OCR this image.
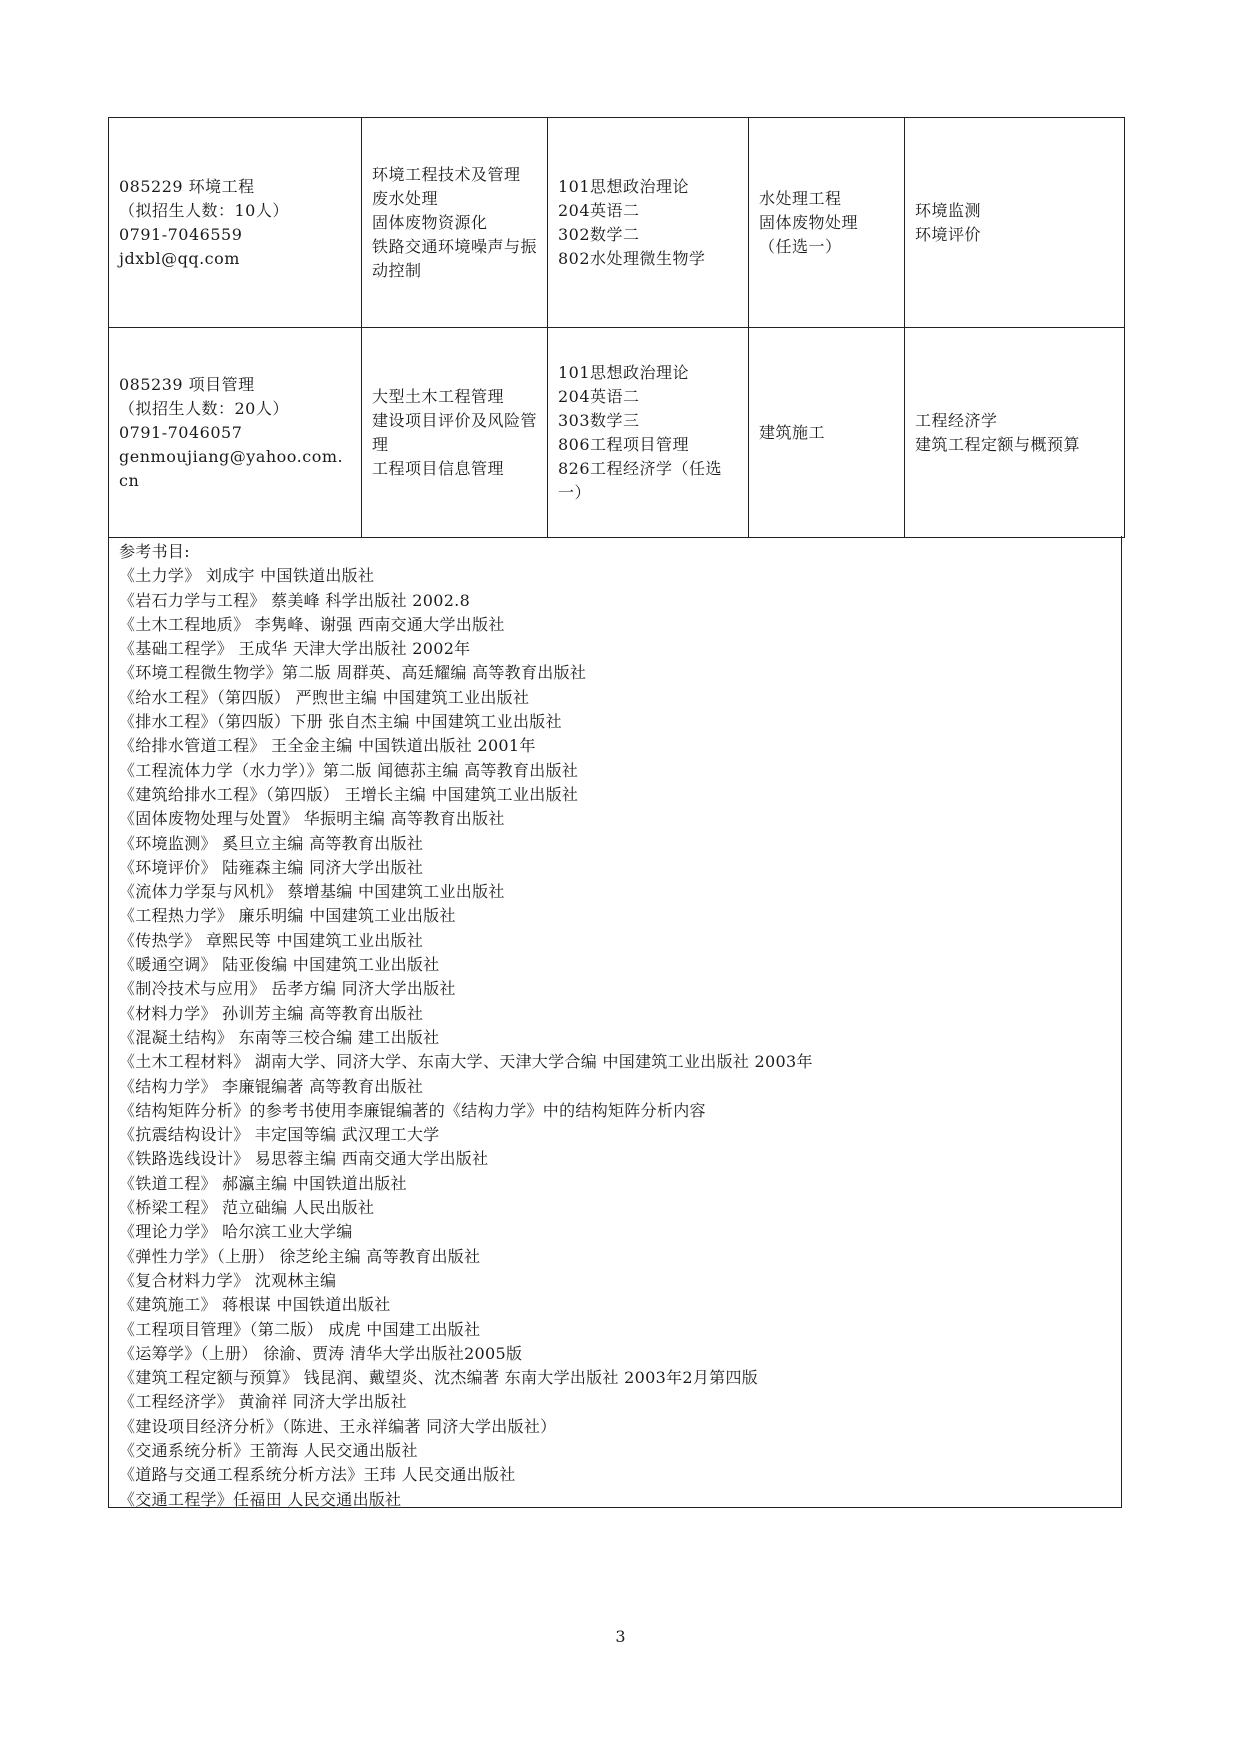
085229 环境工程
（拟招生人数：10人）
0791-7046559
jdxbl@qq.com	环境工程技术及管理
废水处理
固体废物资源化
铁路交通环境噪声与振动控制	101思想政治理论
204英语二
302数学二
802水处理微生物学	水处理工程
固体废物处理
（任选一）	环境监测
环境评价

085239 项目管理
（拟招生人数：20人）
0791-7046057
genmoujiang@yahoo.com.cn	大型土木工程管理
建设项目评价及风险管理
工程项目信息管理	101思想政治理论
204英语二
303数学三
806工程项目管理
826工程经济学（任选一）	建筑施工	工程经济学
建筑工程定额与概预算
参考书目:
《土力学》 刘成宇 中国铁道出版社
《岩石力学与工程》 蔡美峰 科学出版社 2002.8
《土木工程地质》 李隽峰、谢强 西南交通大学出版社
《基础工程学》 王成华 天津大学出版社 2002年
《环境工程微生物学》第二版 周群英、高廷耀编 高等教育出版社
《给水工程》（第四版） 严煦世主编 中国建筑工业出版社
《排水工程》（第四版）下册 张自杰主编 中国建筑工业出版社
《给排水管道工程》 王全金主编 中国铁道出版社 2001年
《工程流体力学（水力学）》第二版 闻德荪主编 高等教育出版社
《建筑给排水工程》（第四版） 王增长主编 中国建筑工业出版社
《固体废物处理与处置》 华振明主编 高等教育出版社
《环境监测》 奚旦立主编 高等教育出版社
《环境评价》 陆雍森主编 同济大学出版社
《流体力学泵与风机》 蔡增基编 中国建筑工业出版社
《工程热力学》 廉乐明编 中国建筑工业出版社
《传热学》 章熙民等 中国建筑工业出版社
《暖通空调》 陆亚俊编 中国建筑工业出版社
《制冷技术与应用》 岳孝方编 同济大学出版社
《材料力学》 孙训芳主编 高等教育出版社
《混凝土结构》 东南等三校合编 建工出版社
《土木工程材料》 湖南大学、同济大学、东南大学、天津大学合编 中国建筑工业出版社 2003年
《结构力学》 李廉锟编著 高等教育出版社
《结构矩阵分析》的参考书使用李廉锟编著的《结构力学》中的结构矩阵分析内容
《抗震结构设计》 丰定国等编 武汉理工大学
《铁路选线设计》 易思蓉主编 西南交通大学出版社
《铁道工程》 郝瀛主编 中国铁道出版社
《桥梁工程》 范立础编 人民出版社
《理论力学》 哈尔滨工业大学编
《弹性力学》（上册） 徐芝纶主编 高等教育出版社
《复合材料力学》 沈观林主编
《建筑施工》 蒋根谋 中国铁道出版社
《工程项目管理》（第二版） 成虎 中国建工出版社
《运筹学》（上册） 徐渝、贾涛 清华大学出版社2005版
《建筑工程定额与预算》 钱昆润、戴望炎、沈杰编著 东南大学出版社 2003年2月第四版
《工程经济学》 黄渝祥 同济大学出版社
《建设项目经济分析》（陈进、王永祥编著 同济大学出版社）
《交通系统分析》王箭海 人民交通出版社
《道路与交通工程系统分析方法》王玮 人民交通出版社
《交通工程学》任福田 人民交通出版社
3
